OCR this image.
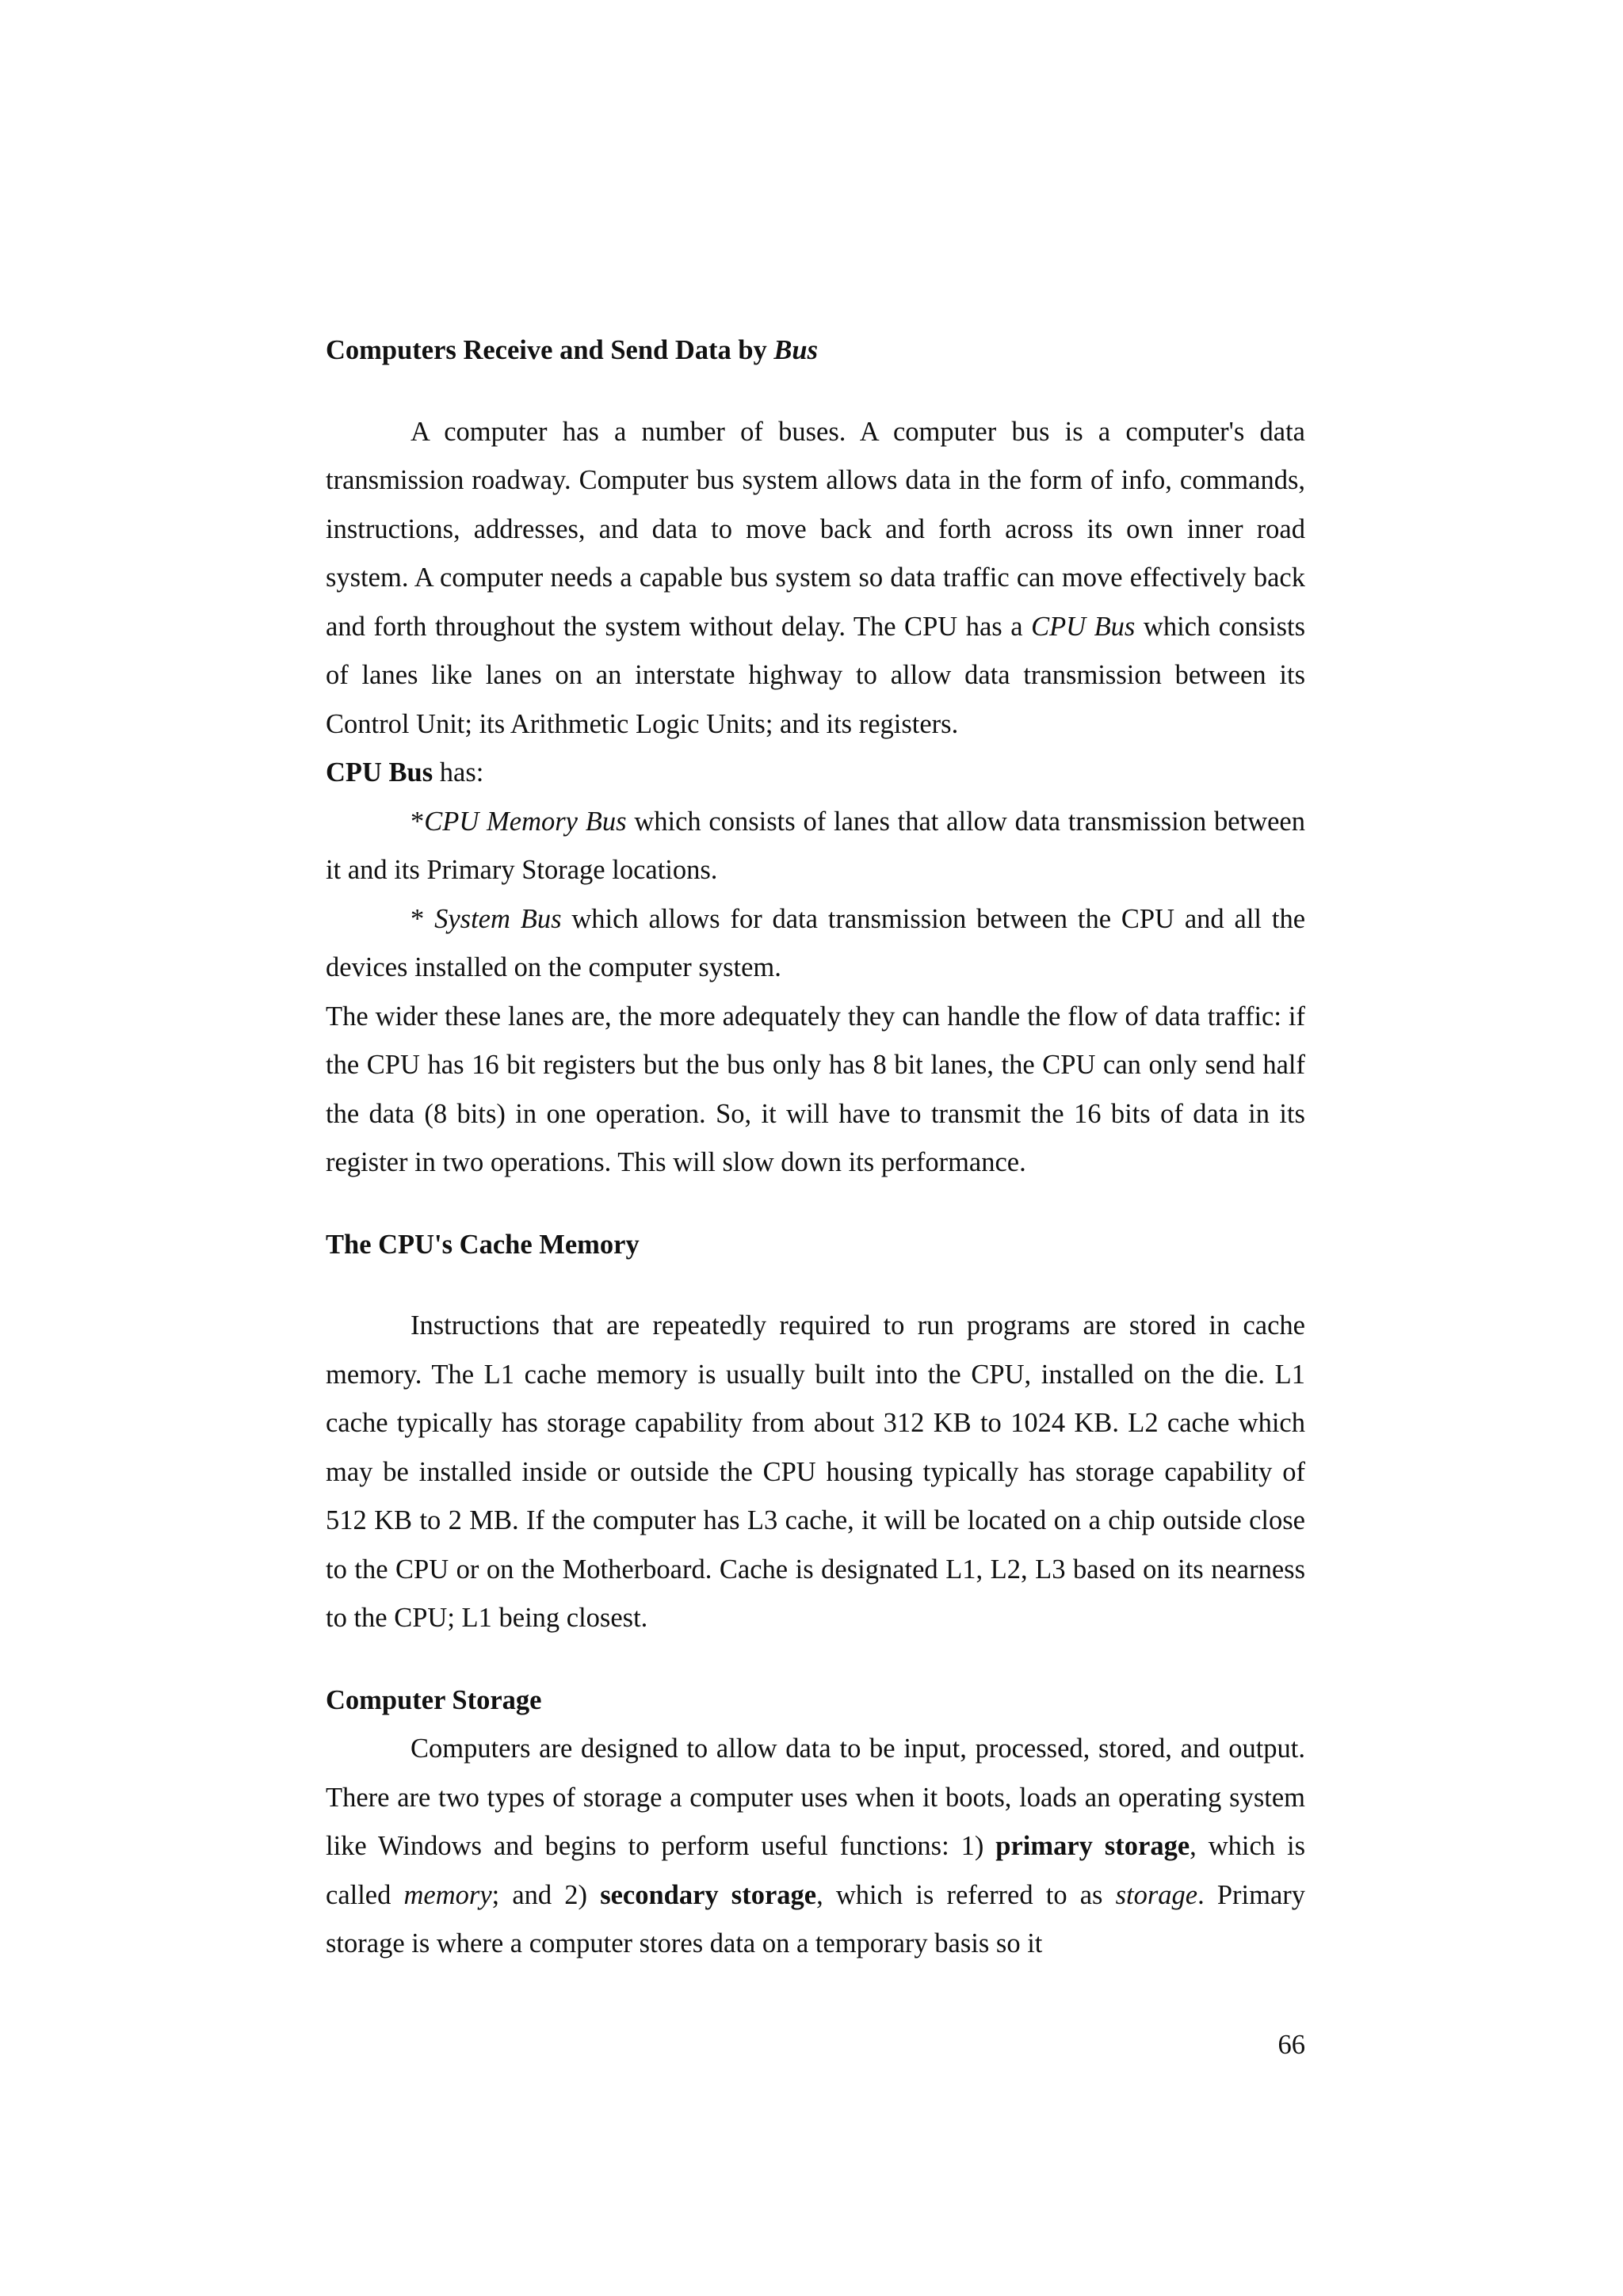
Computers Receive and Send Data by Bus

A computer has a number of buses. A computer bus is a computer's data transmission roadway. Computer bus system allows data in the form of info, commands, instructions, addresses, and data to move back and forth across its own inner road system. A computer needs a capable bus system so data traffic can move effectively back and forth throughout the system without delay. The CPU has a CPU Bus which consists of lanes like lanes on an interstate highway to allow data transmission between its Control Unit; its Arithmetic Logic Units; and its registers.

CPU Bus has:

*CPU Memory Bus which consists of lanes that allow data transmission between it and its Primary Storage locations.

* System Bus which allows for data transmission between the CPU and all the devices installed on the computer system.

The wider these lanes are, the more adequately they can handle the flow of data traffic: if the CPU has 16 bit registers but the bus only has 8 bit lanes, the CPU can only send half the data (8 bits) in one operation. So, it will have to transmit the 16 bits of data in its register in two operations. This will slow down its performance.

The CPU's Cache Memory

Instructions that are repeatedly required to run programs are stored in cache memory. The L1 cache memory is usually built into the CPU, installed on the die. L1 cache typically has storage capability from about 312 KB to 1024 KB. L2 cache which may be installed inside or outside the CPU housing typically has storage capability of 512 KB to 2 MB. If the computer has L3 cache, it will be located on a chip outside close to the CPU or on the Motherboard. Cache is designated L1, L2, L3 based on its nearness to the CPU; L1 being closest.

Computer Storage

Computers are designed to allow data to be input, processed, stored, and output. There are two types of storage a computer uses when it boots, loads an operating system like Windows and begins to perform useful functions: 1) primary storage, which is called memory; and 2) secondary storage, which is referred to as storage. Primary storage is where a computer stores data on a temporary basis so it

66
